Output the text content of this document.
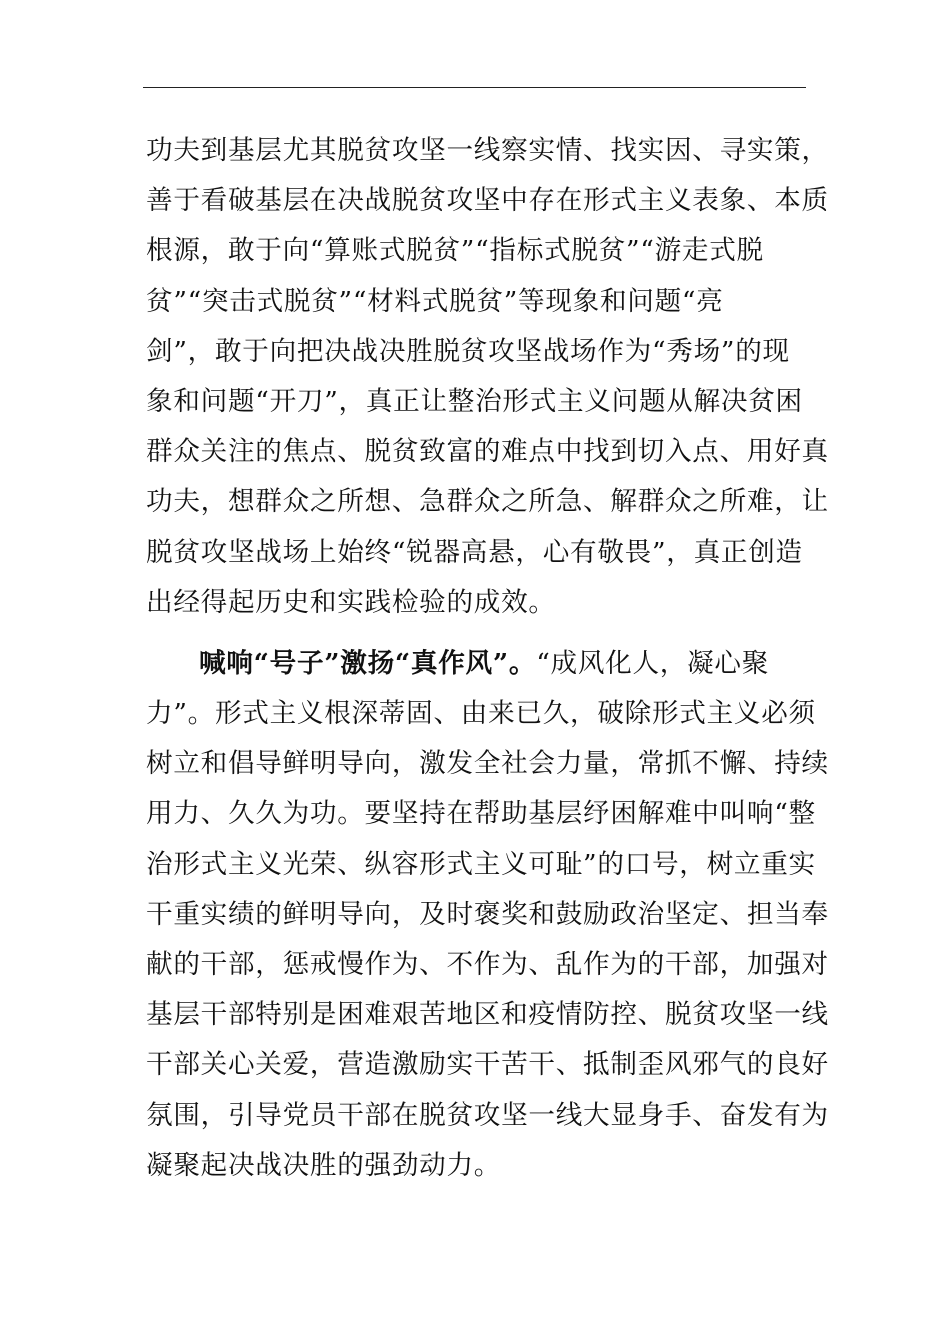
功夫到基层尤其脱贫攻坚一线察实情、找实因、寻实策，
善于看破基层在决战脱贫攻坚中存在形式主义表象、本质
根源，敢于向“算账式脱贫”“指标式脱贫”“游走式脱
贫”“突击式脱贫”“材料式脱贫”等现象和问题“亮
剑”，敢于向把决战决胜脱贫攻坚战场作为“秀场”的现
象和问题“开刀”，真正让整治形式主义问题从解决贫困
群众关注的焦点、脱贫致富的难点中找到切入点、用好真
功夫，想群众之所想、急群众之所急、解群众之所难，让
脱贫攻坚战场上始终“锐器高悬，心有敬畏”，真正创造
出经得起历史和实践检验的成效。
喊响“号子”激扬“真作风”。“成风化人，凝心聚
力”。形式主义根深蒂固、由来已久，破除形式主义必须
树立和倡导鲜明导向，激发全社会力量，常抓不懈、持续
用力、久久为功。要坚持在帮助基层纾困解难中叫响“整
治形式主义光荣、纵容形式主义可耻”的口号，树立重实
干重实绩的鲜明导向，及时褒奖和鼓励政治坚定、担当奉
献的干部，惩戒慢作为、不作为、乱作为的干部，加强对
基层干部特别是困难艰苦地区和疫情防控、脱贫攻坚一线
干部关心关爱，营造激励实干苦干、抵制歪风邪气的良好
氛围，引导党员干部在脱贫攻坚一线大显身手、奋发有为
凝聚起决战决胜的强劲动力。
